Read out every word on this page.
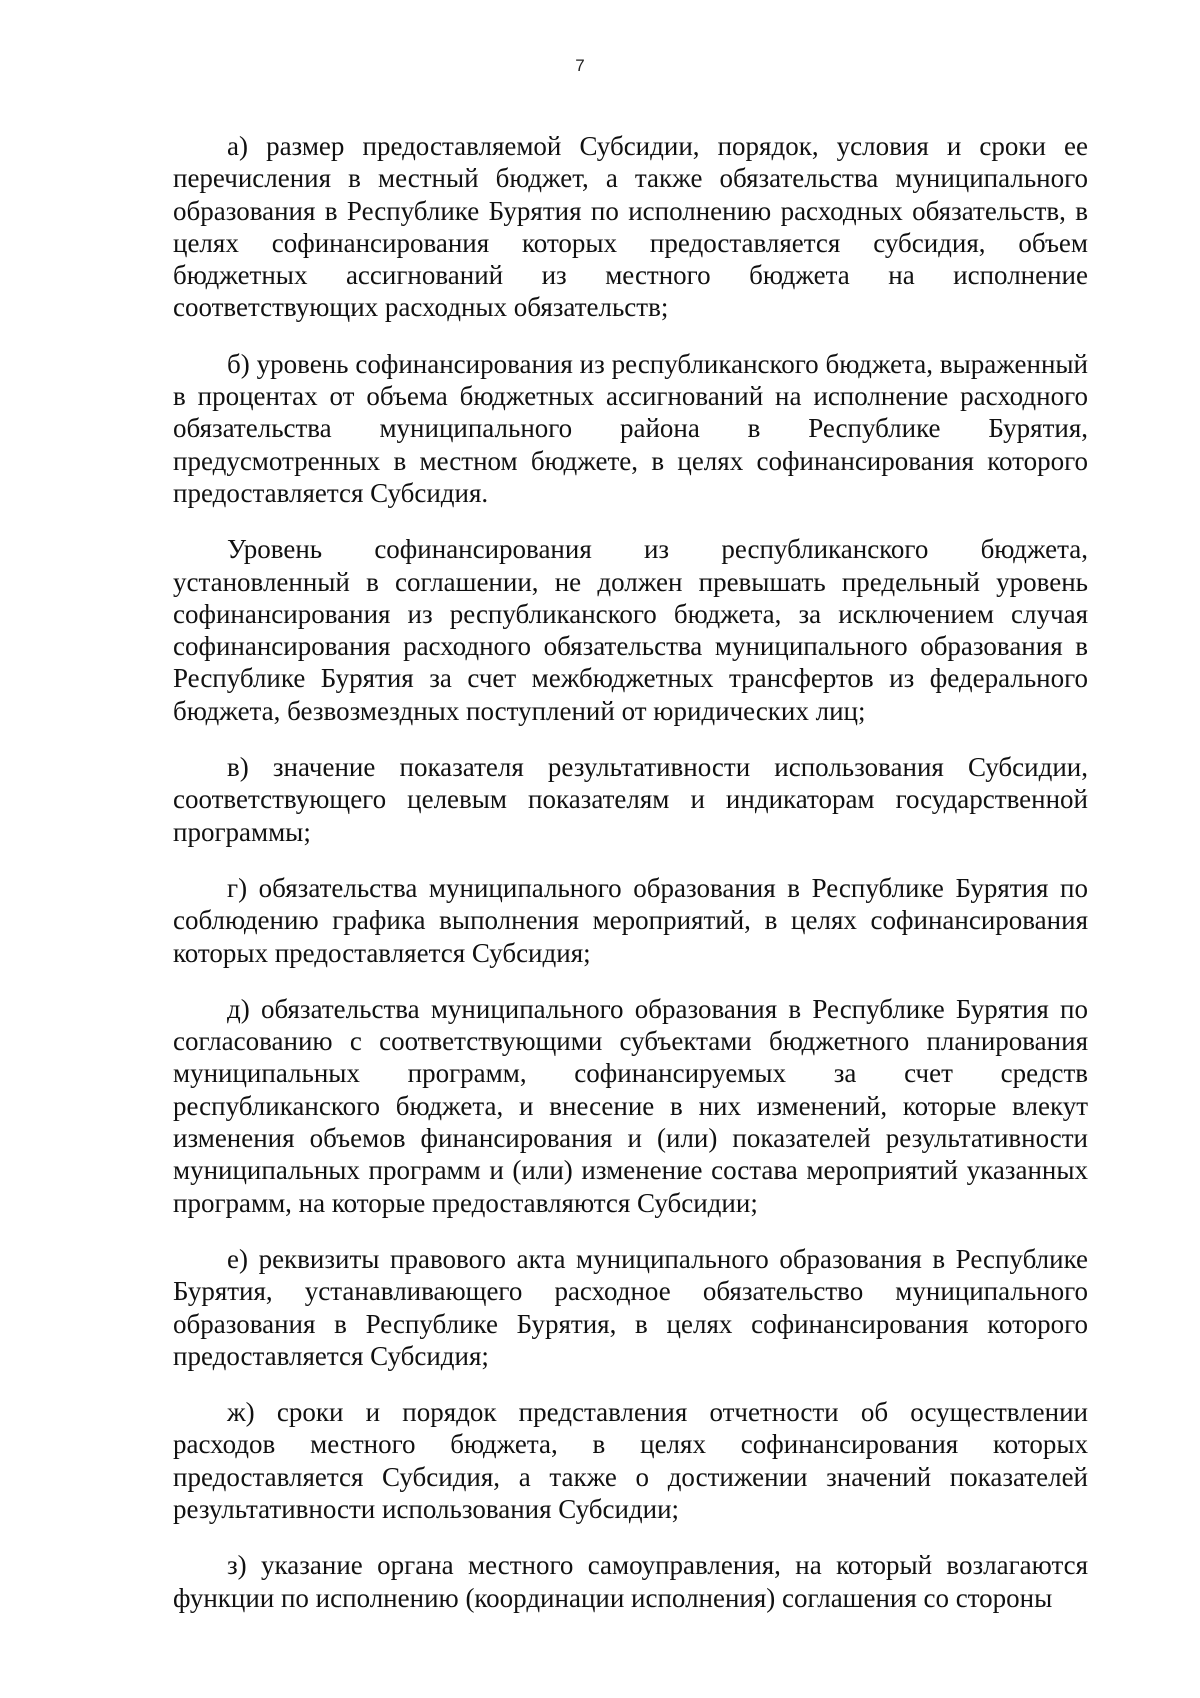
7

а) размер предоставляемой Субсидии, порядок, условия и сроки ее перечисления в местный бюджет, а также обязательства муниципального образования в Республике Бурятия по исполнению расходных обязательств, в целях софинансирования которых предоставляется субсидия, объем бюджетных ассигнований из местного бюджета на исполнение соответствующих расходных обязательств;

б) уровень софинансирования из республиканского бюджета, выраженный в процентах от объема бюджетных ассигнований на исполнение расходного обязательства муниципального района в Республике Бурятия, предусмотренных в местном бюджете, в целях софинансирования которого предоставляется Субсидия.

Уровень софинансирования из республиканского бюджета, установленный в соглашении, не должен превышать предельный уровень софинансирования из республиканского бюджета, за исключением случая софинансирования расходного обязательства муниципального образования в Республике Бурятия за счет межбюджетных трансфертов из федерального бюджета, безвозмездных поступлений от юридических лиц;

в) значение показателя результативности использования Субсидии, соответствующего целевым показателям и индикаторам государственной программы;

г) обязательства муниципального образования в Республике Бурятия по соблюдению графика выполнения мероприятий, в целях софинансирования которых предоставляется Субсидия;

д) обязательства муниципального образования в Республике Бурятия по согласованию с соответствующими субъектами бюджетного планирования муниципальных программ, софинансируемых за счет средств республиканского бюджета, и внесение в них изменений, которые влекут изменения объемов финансирования и (или) показателей результативности муниципальных программ и (или) изменение состава мероприятий указанных программ, на которые предоставляются Субсидии;

е) реквизиты правового акта муниципального образования в Республике Бурятия, устанавливающего расходное обязательство муниципального образования в Республике Бурятия, в целях софинансирования которого предоставляется Субсидия;

ж) сроки и порядок представления отчетности об осуществлении расходов местного бюджета, в целях софинансирования которых предоставляется Субсидия, а также о достижении значений показателей результативности использования Субсидии;

з) указание органа местного самоуправления, на который возлагаются функции по исполнению (координации исполнения) соглашения со стороны
